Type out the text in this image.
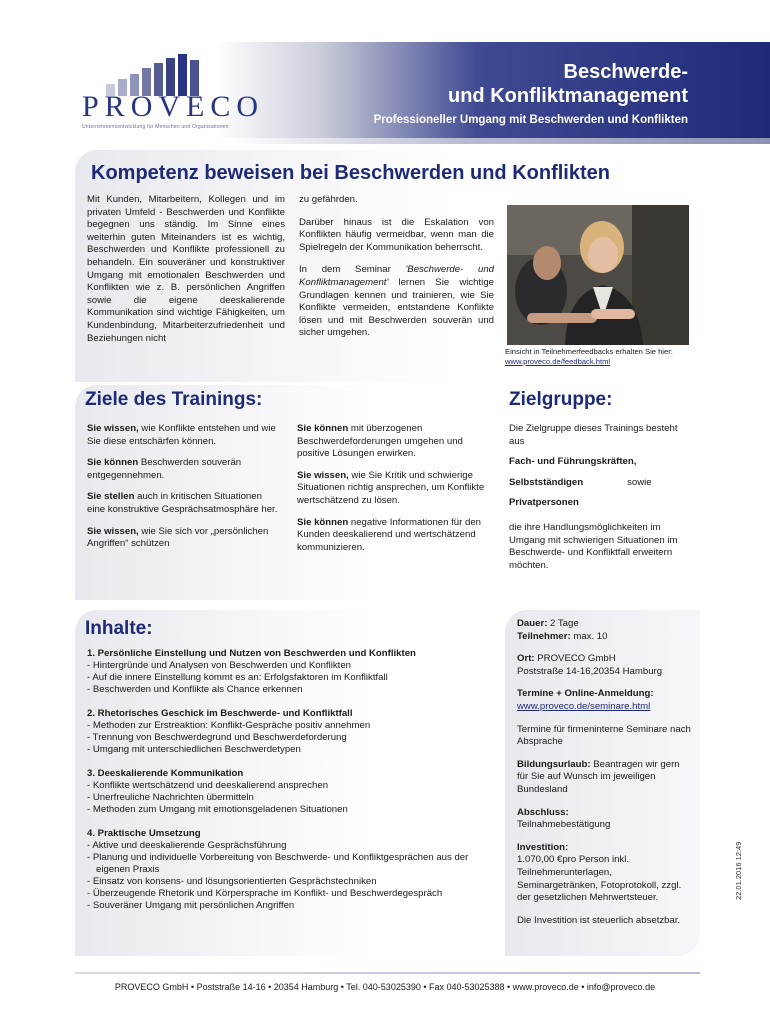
PROVECO
Unternehmensentwicklung für Menschen und Organisationen
Beschwerde-
und Konfliktmanagement
Professioneller Umgang mit Beschwerden und Konflikten
Kompetenz beweisen bei Beschwerden und Konflikten

Mit Kunden, Mitarbeitern, Kollegen und im privaten Umfeld - Beschwerden und Konflikte begegnen uns ständig. Im Sinne eines weiterhin guten Miteinanders ist es wichtig, Beschwerden und Konflikte professionell zu behandeln. Ein souveräner und konstruktiver Umgang mit emotionalen Beschwerden und Konflikten wie z. B. persönlichen Angriffen sowie die eigene deeskalierende Kommunikation sind wichtige Fähigkeiten, um Kundenbindung, Mitarbeiterzufriedenheit und Beziehungen nicht

zu gefährden.

Darüber hinaus ist die Eskalation von Konflikten häufig vermeidbar, wenn man die Spielregeln der Kommunikation beherrscht.

In dem Seminar 'Beschwerde- und Konfliktmanagement' lernen Sie wichtige Grundlagen kennen und trainieren, wie Sie Konflikte vermeiden, entstandene Konflikte lösen und mit Beschwerden souverän und sicher umgehen.

Einsicht in Teilnehmerfeedbacks erhalten Sie hier:
www.proveco.de/feedback.html
Ziele des Trainings:

Sie wissen, wie Konflikte entstehen und wie Sie diese entschärfen können.

Sie können Beschwerden souverän entgegennehmen.

Sie stellen auch in kritischen Situationen eine konstruktive Gesprächsatmosphäre her.

Sie wissen, wie Sie sich vor „persönlichen Angriffen“ schützen

Sie können mit überzogenen Beschwerdeforderungen umgehen und positive Lösungen erwirken.

Sie wissen, wie Sie Kritik und schwierige Situationen richtig ansprechen, um Konflikte wertschätzend zu lösen.

Sie können negative Informationen für den Kunden deeskalierend und wertschätzend kommunizieren.

Zielgruppe:

Die Zielgruppe dieses Trainings besteht aus

Fach- und Führungskräften,

Selbstständigen	sowie

Privatpersonen

die ihre Handlungsmöglichkeiten im Umgang mit schwierigen Situationen im Beschwerde- und Konfliktfall erweitern möchten.

Inhalte:
1. Persönliche Einstellung und Nutzen von Beschwerden und Konflikten
- Hintergründe und Analysen von Beschwerden und Konflikten
- Auf die innere Einstellung kommt es an: Erfolgsfaktoren im Konfliktfall
- Beschwerden und Konflikte als Chance erkennen
2. Rhetorisches Geschick im Beschwerde- und Konfliktfall
- Methoden zur Erstreaktion: Konflikt-Gespräche positiv annehmen
- Trennung von Beschwerdegrund und Beschwerdeforderung
- Umgang mit unterschiedlichen Beschwerdetypen
3. Deeskalierende Kommunikation
- Konflikte wertschätzend und deeskalierend ansprechen
- Unerfreuliche Nachrichten übermitteln
- Methoden zum Umgang mit emotionsgeladenen Situationen
4. Praktische Umsetzung
- Aktive und deeskalierende Gesprächsführung
- Planung und individuelle Vorbereitung von Beschwerde- und Konfliktgesprächen aus der eigenen Praxis
- Einsatz von konsens- und lösungsorientierten Gesprächstechniken
- Überzeugende Rhetorik und Körpersprache im Konflikt- und Beschwerdegespräch
- Souveräner Umgang mit persönlichen Angriffen
Dauer: 2 Tage
Teilnehmer: max. 10
Ort: PROVECO GmbH
Poststraße 14-16,20354 Hamburg
Termine + Online-Anmeldung:
www.proveco.de/seminare.html
Termine für firmeninterne Seminare nach Absprache
Bildungsurlaub: Beantragen wir gern für Sie auf Wunsch im jeweiligen Bundesland
Abschluss:
Teilnahmebestätigung
Investition:
1.070,00 €pro Person inkl. Teilnehmerunterlagen, Seminargetränken, Fotoprotokoll, zzgl. der gesetzlichen Mehrwertsteuer.
Die Investition ist steuerlich absetzbar.
22.01.2016 12:49
PROVECO GmbH • Poststraße 14-16 • 20354 Hamburg • Tel. 040-53025390 • Fax 040-53025388 • www.proveco.de • info@proveco.de
